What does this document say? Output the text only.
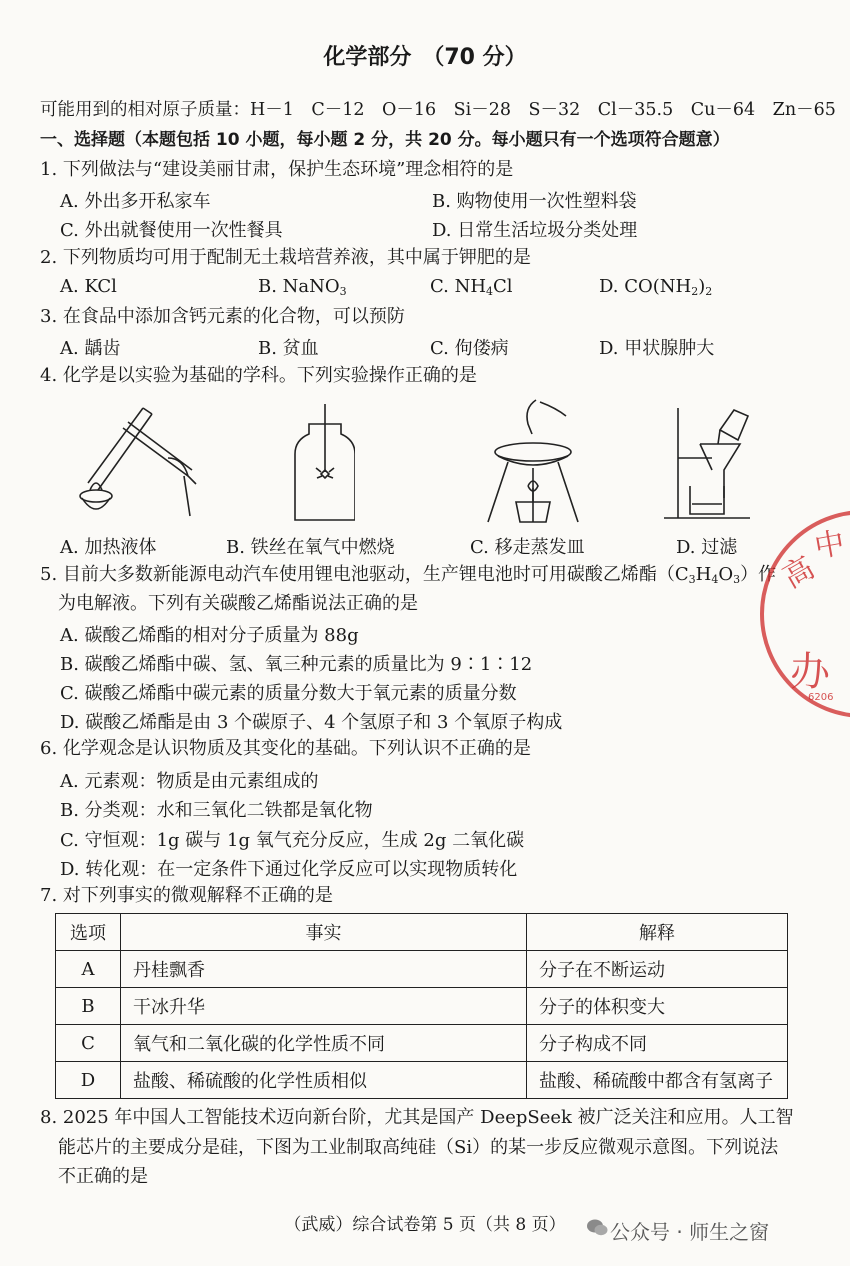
化学部分　（70 分）
可能用到的相对原子质量：H－1　C－12　O－16　Si－28　S－32　Cl－35.5　Cu－64　Zn－65
一、选择题（本题包括 10 小题，每小题 2 分，共 20 分。每小题只有一个选项符合题意）
1. 下列做法与“建设美丽甘肃，保护生态环境”理念相符的是
A. 外出多开私家车	B. 购物使用一次性塑料袋
C. 外出就餐使用一次性餐具	D. 日常生活垃圾分类处理
2. 下列物质均可用于配制无土栽培营养液，其中属于钾肥的是
A. KCl	B. NaNO$_3$	C. $NH_4Cl$	D. $CO(NH_2)_2$
3. 在食品中添加含钙元素的化合物，可以预防
A. 龋齿	B. 贫血	C. 佝偻病	D. 甲状腺肿大
4. 化学是以实验为基础的学科。下列实验操作正确的是
A. 加热液体	B. 铁丝在氧气中燃烧	C. 移走蒸发皿	D. 过滤
5. 目前大多数新能源电动汽车使用锂电池驱动，生产锂电池时可用碳酸乙烯酯$(C_3H_4O_3)$作
为电解液。下列有关碳酸乙烯酯说法正确的是
A. 碳酸乙烯酯的相对分子质量为 88g
B. 碳酸乙烯酯中碳、氢、氧三种元素的质量比为 9∶1∶12
C. 碳酸乙烯酯中碳元素的质量分数大于氧元素的质量分数
D. 碳酸乙烯酯是由 3 个碳原子、4 个氢原子和 3 个氧原子构成
6. 化学观念是认识物质及其变化的基础。下列认识不正确的是
A. 元素观：物质是由元素组成的
B. 分类观：水和三氧化二铁都是氧化物
C. 守恒观：1g 碳与 1g 氧气充分反应，生成 2g 二氧化碳
D. 转化观：在一定条件下通过化学反应可以实现物质转化
7. 对下列事实的微观解释不正确的是
选项	事实	解释
A	丹桂飘香	分子在不断运动
B	干冰升华	分子的体积变大
C	氧气和二氧化碳的化学性质不同	分子构成不同
D	盐酸、稀硫酸的化学性质相似	盐酸、稀硫酸中都含有氢离子
8. 2025 年中国人工智能技术迈向新台阶，尤其是国产 DeepSeek 被广泛关注和应用。人工智
能芯片的主要成分是硅，下图为工业制取高纯硅（Si）的某一步反应微观示意图。下列说法
不正确的是
高
中
办
6206
（武威）综合试卷第 5 页（共 8 页）	公众号 · 师生之窗
